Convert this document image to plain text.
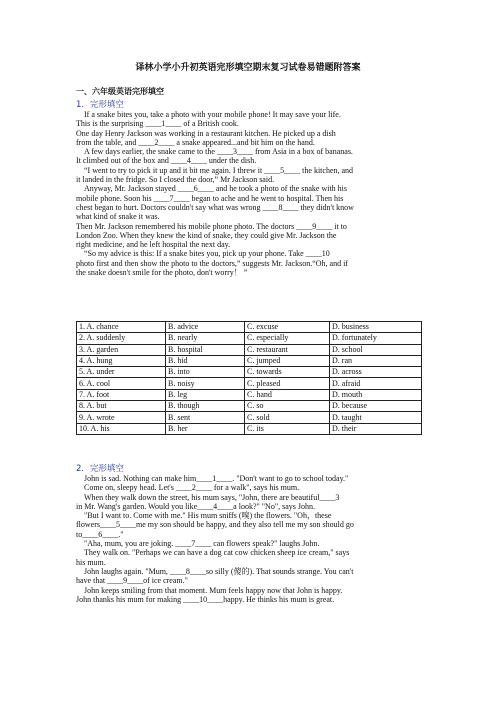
译林小学小升初英语完形填空期末复习试卷易错题附答案
一、六年级英语完形填空
1．完形填空

If a snake bites you, take a photo with your mobile phone! It may save your life.

This is the surprising ____1____ of a British cook.

One day Henry Jackson was working in a restaurant kitchen. He picked up a dish

from the table, and ____2____ a snake appeared...and bit him on the hand.

A few days earlier, the snake came to the ____3____ from Asia in a box of bananas.

It climbed out of the box and ____4____ under the dish.

“I went to try to pick it up and it bit me again. I threw it ____5____ the kitchen, and

it landed in the fridge. So I closed the door,” Mr Jackson said.

Anyway, Mr. Jackson stayed ____6____ and he took a photo of the snake with his

mobile phone. Soon his ____7____ began to ache and he went to hospital. Then his

chest began to hurt. Doctors couldn't say what was wrong ____8____ they didn't know

what kind of snake it was.

Then Mr. Jackson remembered his mobile phone photo. The doctors ____9____ it to

London Zoo. When they knew the kind of snake, they could give Mr. Jackson the

right medicine, and he left hospital the next day.

“So my advice is this: If a snake bites you, pick up your phone. Take ____10

photo first and then show the photo to the doctors,” suggests Mr. Jackson.“Oh, and if

the snake doesn't smile for the photo, don't worry！ ”

1. A. chance	B. advice	C. excuse	D. business
2. A. suddenly	B. nearly	C. especially	D. fortunately
3. A. garden	B. hospital	C. restaurant	D. school
4. A. hung	B. hid	C. jumped	D. ran
5. A. under	B. into	C. towards	D. across
6. A. cool	B. noisy	C. pleased	D. afraid
7. A. foot	B. leg	C. hand	D. mouth
8. A. but	B. though	C. so	D. because
9. A. wrote	B. sent	C. sold	D. taught
10. A. his	B. her	C. its	D. their
2．完形填空

John is sad. Nothing can make him____1____. "Don't want to go to school today."

Come on, sleepy head. Let's ____2____ for a walk", says his mum.

When they walk down the street, his mum says, "John, there are beautiful____3

in Mr. Wang's garden. Would you like____4____a look?" "No", says John.

"But I want to. Come with me." His mum sniffs (嗅) the flowers. "Oh，these

flowers____5____me my son should be happy, and they also tell me my son should go

to____6____."

"Aha, mum, you are joking. ____7____ can flowers speak?" laughs John.

They walk on. "Perhaps we can have a dog cat cow chicken sheep ice cream," says

his mum.

John laughs again. "Mum, ____8____so silly (傻的). That sounds strange. You can't

have that ____9____of ice cream."

John keeps smiling from that moment. Mum feels happy now that John is happy.

John thanks his mum for making ____10____happy. He thinks his mum is great.
